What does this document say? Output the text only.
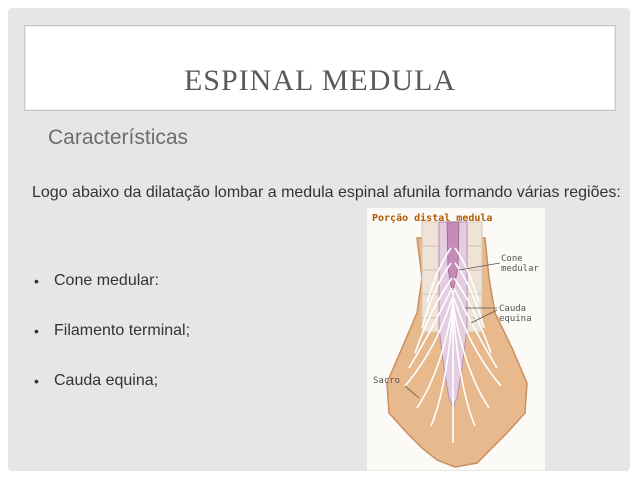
ESPINAL MEDULA
Características
Logo abaixo da dilatação lombar a medula espinal afunila formando várias regiões:
• Cone medular:
• Filamento terminal;
• Cauda equina;
Porção distal medula
Cone
medular
Cauda
equina
Sacro
